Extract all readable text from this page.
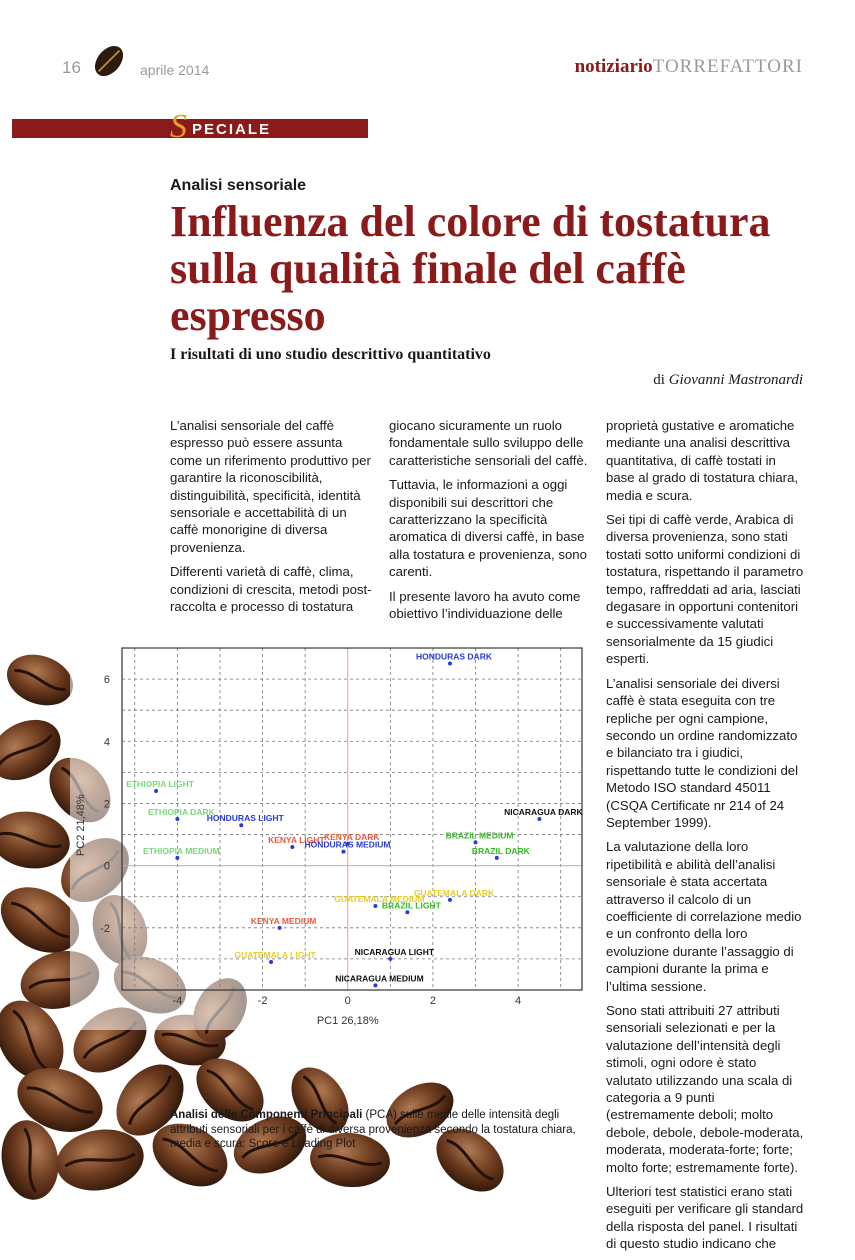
16	aprile 2014	notiziarioTORREFATTORI
S PECIALE
Analisi sensoriale
Influenza del colore di tostatura sulla qualità finale del caffè espresso
I risultati di uno studio descrittivo quantitativo
di Giovanni Mastronardi
-4	-2	0	2	4
-2
0
2
4
6
PC1 26,18%
PC2 21,48%
HONDURAS DARK
ETHIOPIA LIGHT
ETHIOPIA DARK
HONDURAS LIGHT
NICARAGUA DARK
KENYA LIGHT KENYA DARK
HONDURAS MEDIUM
ETHIOPIA MEDIUM
BRAZIL MEDIUM
BRAZIL DARK
GUATEMALA MEDIUM
GUATEMALA DARK
BRAZIL LIGHT
KENYA MEDIUM
NICARAGUA LIGHT
GUATEMALA LIGHT
NICARAGUA MEDIUM

L’analisi sensoriale del caffè espresso può essere assunta come un riferimento produttivo per garantire la riconoscibilità, distinguibilità, specificità, identità sensoriale e accettabilità di un caffè monorigine di diversa provenienza.

Differenti varietà di caffè, clima, condizioni di crescita, metodi post-raccolta e processo di tostatura

giocano sicuramente un ruolo fondamentale sullo sviluppo delle caratteristiche sensoriali del caffè.

Tuttavia, le informazioni a oggi disponibili sui descrittori che caratterizzano la specificità aromatica di diversi caffè, in base alla tostatura e provenienza, sono carenti.

Il presente lavoro ha avuto come obiettivo l’individuazione delle

proprietà gustative e aromatiche mediante una analisi descrittiva quantitativa, di caffè tostati in base al grado di tostatura chiara, media e scura.

Sei tipi di caffè verde, Arabica di diversa provenienza, sono stati tostati sotto uniformi condizioni di tostatura, rispettando il parametro tempo, raffreddati ad aria, lasciati degasare in opportuni contenitori e successivamente valutati sensorialmente da 15 giudici esperti.

L’analisi sensoriale dei diversi caffè è stata eseguita con tre repliche per ogni campione, secondo un ordine randomizzato e bilanciato tra i giudici, rispettando tutte le condizioni del Metodo ISO standard 45011 (CSQA Certificate nr 214 of 24 September 1999).

La valutazione della loro ripetibilità e abilità dell’analisi sensoriale è stata accertata attraverso il calcolo di un coefficiente di correlazione medio e un confronto della loro evoluzione durante l’assaggio di campioni durante la prima e l’ultima sessione.

Sono stati attribuiti 27 attributi sensoriali selezionati e per la valutazione dell’intensità degli stimoli, ogni odore è stato valutato utilizzando una scala di categoria a 9 punti (estremamente deboli; molto debole, debole, debole-moderata, moderata, moderata-forte; forte; molto forte; estremamente forte).

Ulteriori test statistici erano stati eseguiti per verificare gli standard della risposta del panel. I risultati di questo studio indicano che

Analisi delle Componenti Principali (PCA) sulle medie delle intensità degli attributi sensoriali per i caffè di diversa provenienza secondo la tostatura chiara, media e scura: Score e Loading Plot
